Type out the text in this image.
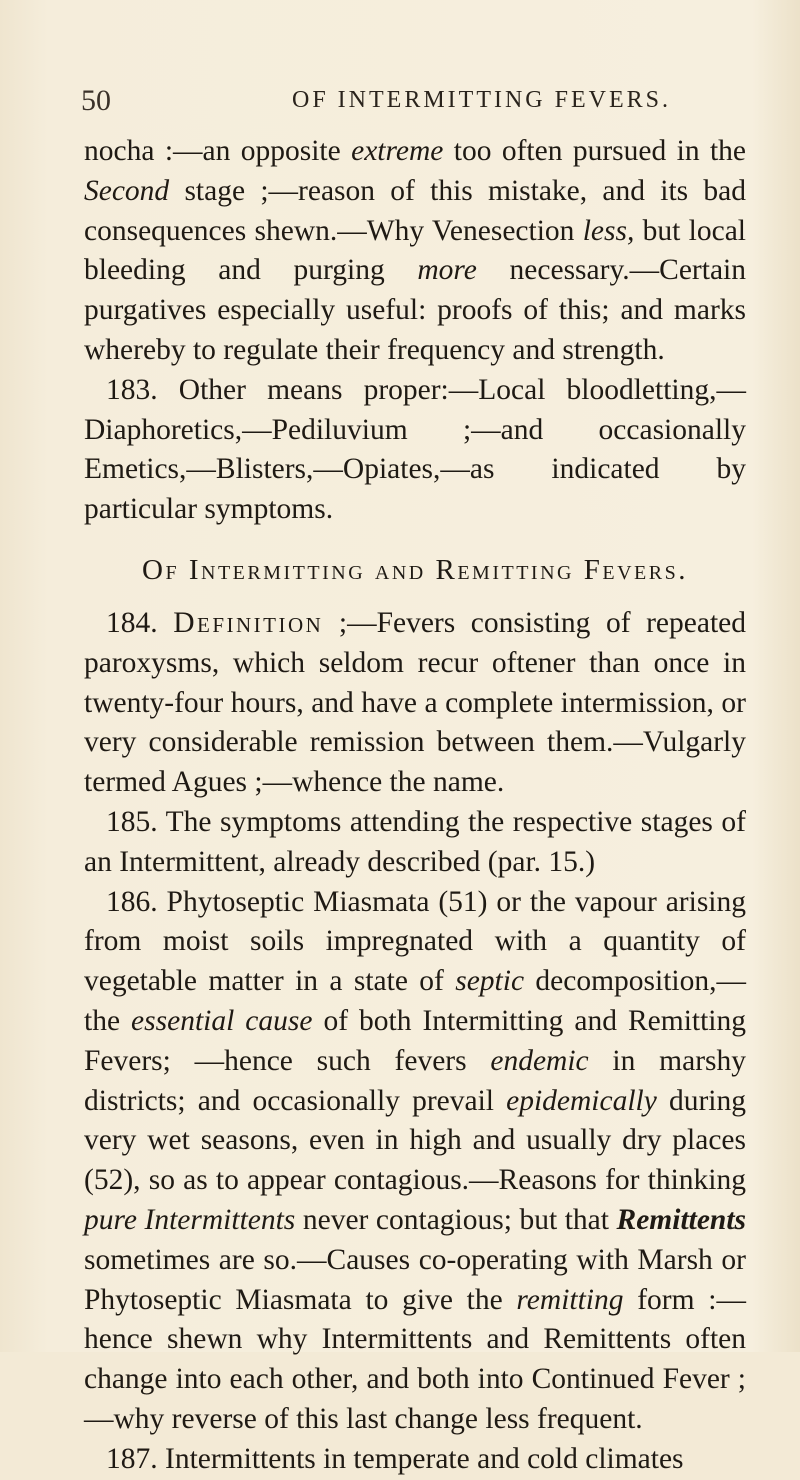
50	OF INTERMITTING FEVERS.

nocha :—an opposite extreme too often pursued in the Second stage ;—reason of this mistake, and its bad consequences shewn.—Why Venesection less, but local bleeding and purging more necessary.—Certain purgatives especially useful: proofs of this; and marks whereby to regulate their frequency and strength.

183. Other means proper:—Local bloodletting,—Diaphoretics,—Pediluvium ;—and occasionally Emetics,—Blisters,—Opiates,—as indicated by particular symptoms.

Of Intermitting and Remitting Fevers.

184. Definition ;—Fevers consisting of repeated paroxysms, which seldom recur oftener than once in twenty-four hours, and have a complete intermission, or very considerable remission between them.—Vulgarly termed Agues ;—whence the name.

185. The symptoms attending the respective stages of an Intermittent, already described (par. 15.)

186. Phytoseptic Miasmata (51) or the vapour arising from moist soils impregnated with a quantity of vegetable matter in a state of septic decomposition,—the essential cause of both Intermitting and Remitting Fevers; —hence such fevers endemic in marshy districts; and occasionally prevail epidemically during very wet seasons, even in high and usually dry places (52), so as to appear contagious.—Reasons for thinking pure Intermittents never contagious; but that Remittents sometimes are so.—Causes co-operating with Marsh or Phytoseptic Miasmata to give the remitting form :—hence shewn why Intermittents and Remittents often change into each other, and both into Continued Fever ;—why reverse of this last change less frequent.

187. Intermittents in temperate and cold climates
